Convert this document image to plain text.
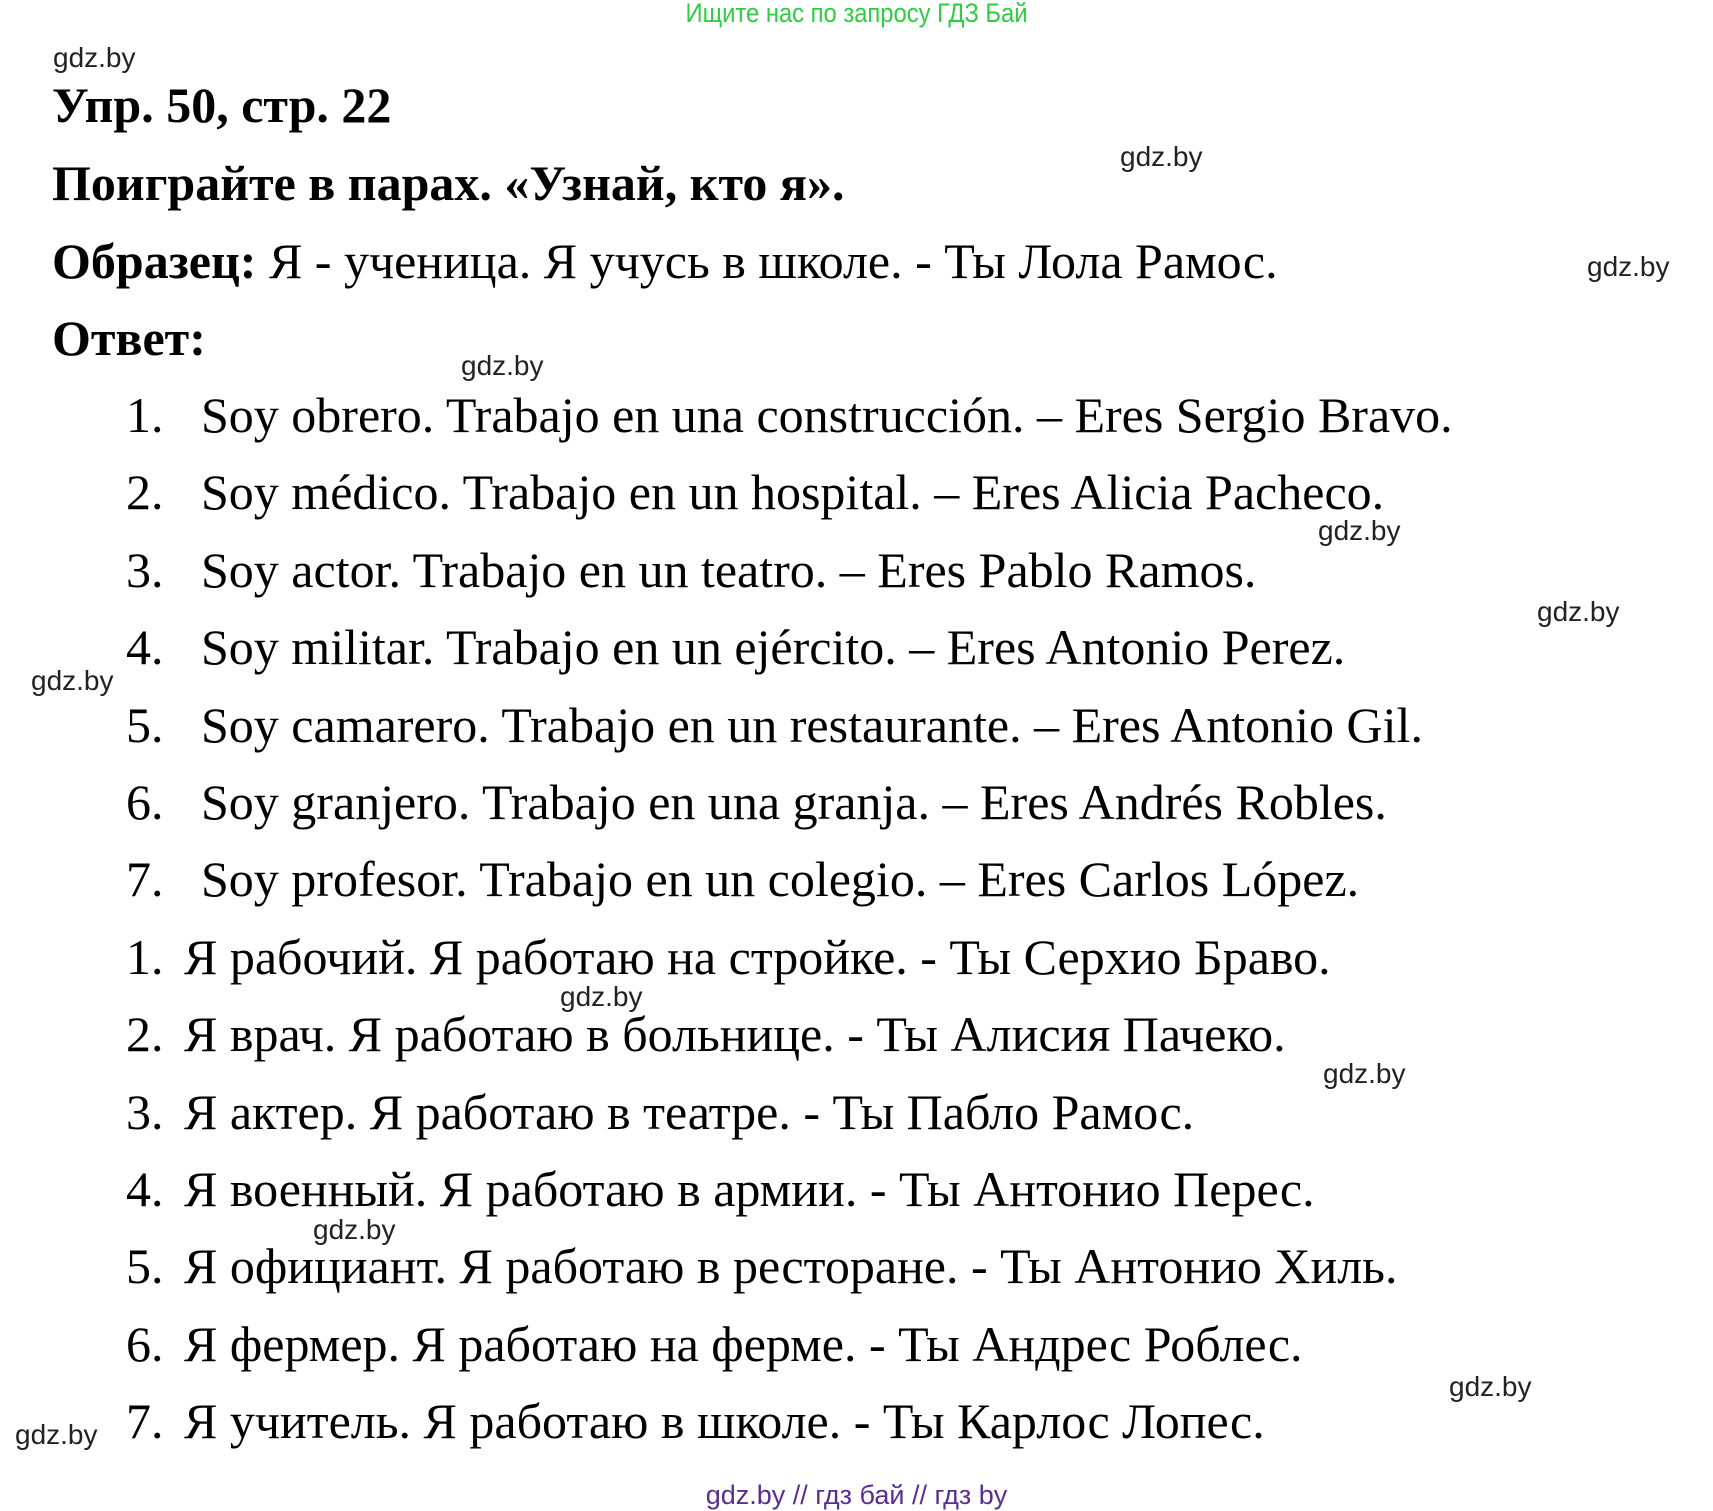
Ищите нас по запросу ГДЗ Бай
Упр. 50, стр. 22
Поиграйте в парах. «Узнай, кто я».
Образец: Я - ученица. Я учусь в школе. - Ты Лола Рамос.
Ответ:
1. Soy obrero. Trabajo en una construcción. – Eres Sergio Bravo.
2. Soy médico. Trabajo en un hospital. – Eres Alicia Pacheco.
3. Soy actor. Trabajo en un teatro. – Eres Pablo Ramos.
4. Soy militar. Trabajo en un ejército. – Eres Antonio Perez.
5. Soy camarero. Trabajo en un restaurante. – Eres Antonio Gil.
6. Soy granjero. Trabajo en una granja. – Eres Andrés Robles.
7. Soy profesor. Trabajo en un colegio. – Eres Carlos López.
1. Я рабочий. Я работаю на стройке. - Ты Серхио Браво.
2. Я врач. Я работаю в больнице. - Ты Алисия Пачеко.
3. Я актер. Я работаю в театре. - Ты Пабло Рамос.
4. Я военный. Я работаю в армии. - Ты Антонио Перес.
5. Я официант. Я работаю в ресторане. - Ты Антонио Хиль.
6. Я фермер. Я работаю на ферме. - Ты Андрес Роблес.
7. Я учитель. Я работаю в школе. - Ты Карлос Лопес.
gdz.by
gdz.by
gdz.by
gdz.by
gdz.by
gdz.by
gdz.by
gdz.by
gdz.by
gdz.by
gdz.by
gdz.by
gdz.by // гдз бай // гдз by
